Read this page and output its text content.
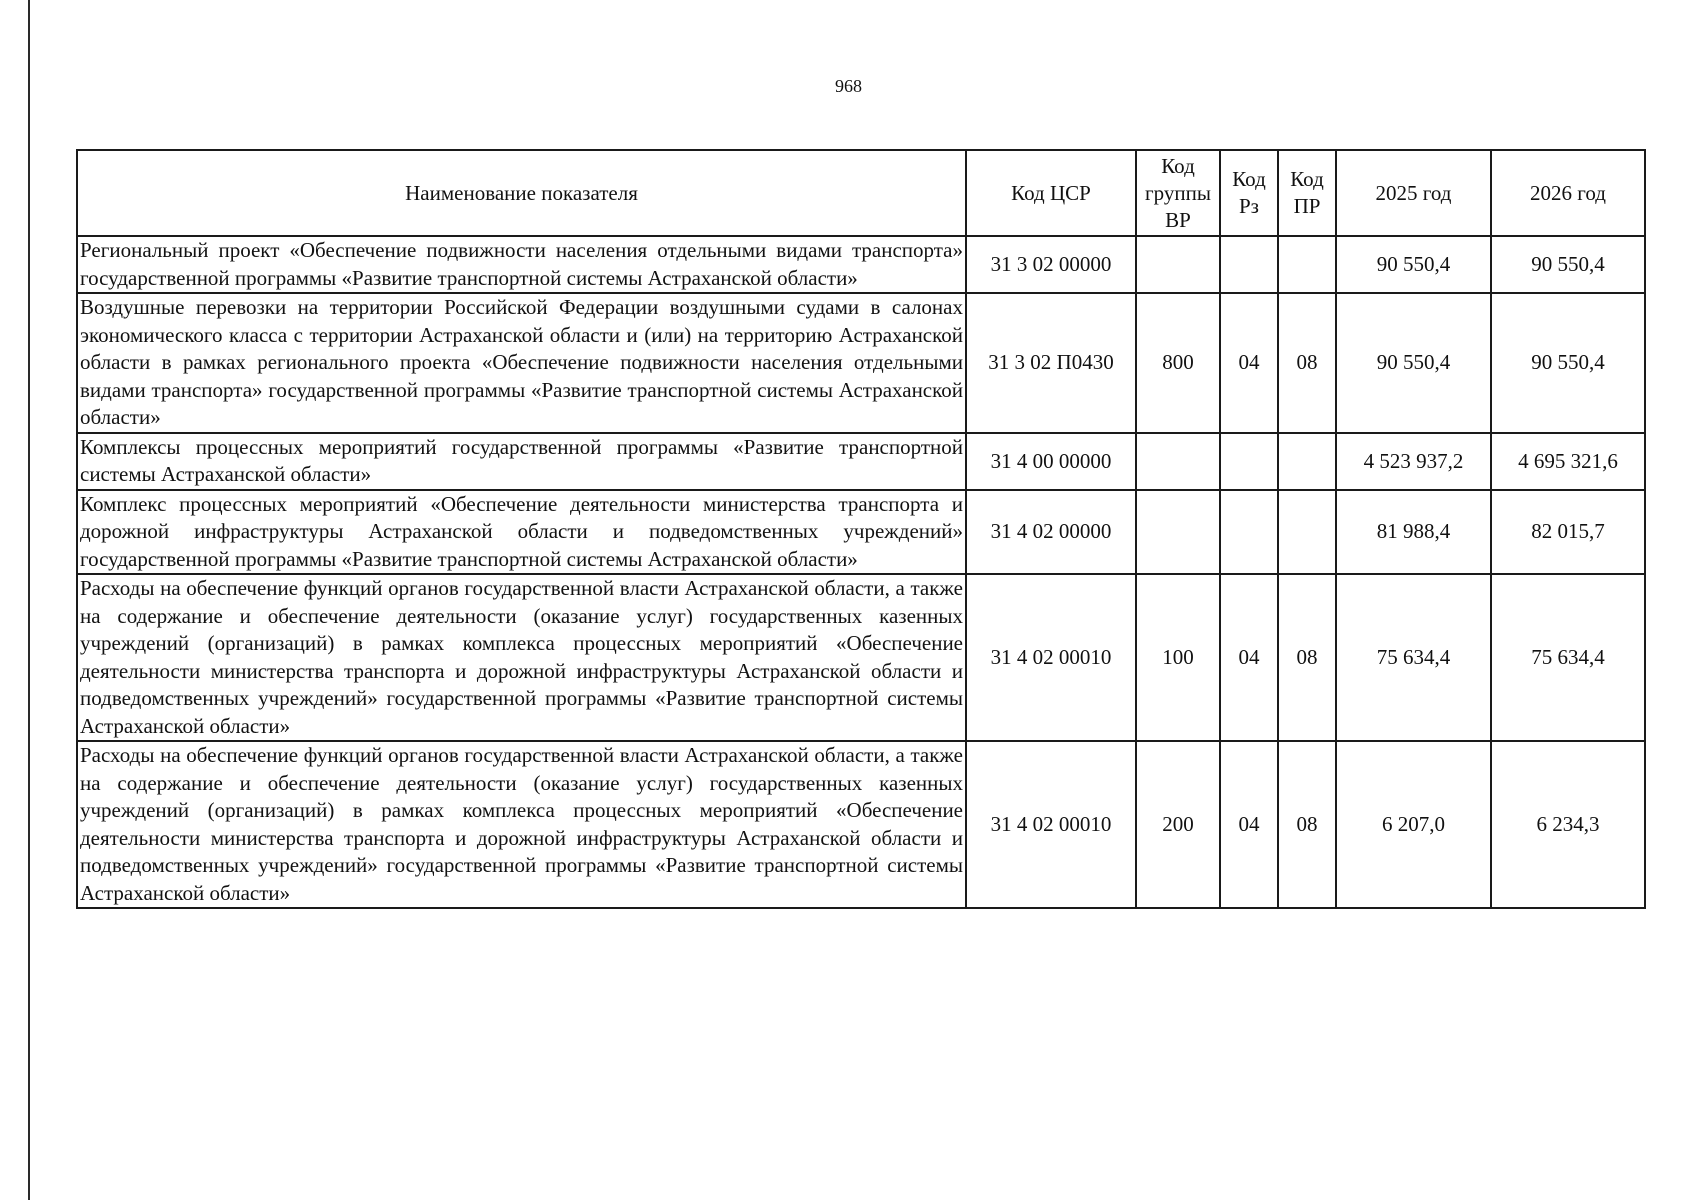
968
Наименование показателя	Код ЦСР	Код группы ВР	Код Рз	Код ПР	2025 год	2026 год
Региональный проект «Обеспечение подвижности населения отдельными видами транспорта» государственной программы «Развитие транспортной системы Астраханской области»	31 3 02 00000				90 550,4	90 550,4
Воздушные перевозки на территории Российской Федерации воздушными судами в салонах экономического класса с территории Астраханской области и (или) на территорию Астраханской области в рамках регионального проекта «Обеспечение подвижности населения отдельными видами транспорта» государственной программы «Развитие транспортной системы Астраханской области»	31 3 02 П0430	800	04	08	90 550,4	90 550,4
Комплексы процессных мероприятий государственной программы «Развитие транспортной системы Астраханской области»	31 4 00 00000				4 523 937,2	4 695 321,6
Комплекс процессных мероприятий «Обеспечение деятельности министерства транспорта и дорожной инфраструктуры Астраханской области и подведомственных учреждений» государственной программы «Развитие транспортной системы Астраханской области»	31 4 02 00000				81 988,4	82 015,7
Расходы на обеспечение функций органов государственной власти Астраханской области, а также на содержание и обеспечение деятельности (оказание услуг) государственных казенных учреждений (организаций) в рамках комплекса процессных мероприятий «Обеспечение деятельности министерства транспорта и дорожной инфраструктуры Астраханской области и подведомственных учреждений» государственной программы «Развитие транспортной системы Астраханской области»	31 4 02 00010	100	04	08	75 634,4	75 634,4
Расходы на обеспечение функций органов государственной власти Астраханской области, а также на содержание и обеспечение деятельности (оказание услуг) государственных казенных учреждений (организаций) в рамках комплекса процессных мероприятий «Обеспечение деятельности министерства транспорта и дорожной инфраструктуры Астраханской области и подведомственных учреждений» государственной программы «Развитие транспортной системы Астраханской области»	31 4 02 00010	200	04	08	6 207,0	6 234,3
